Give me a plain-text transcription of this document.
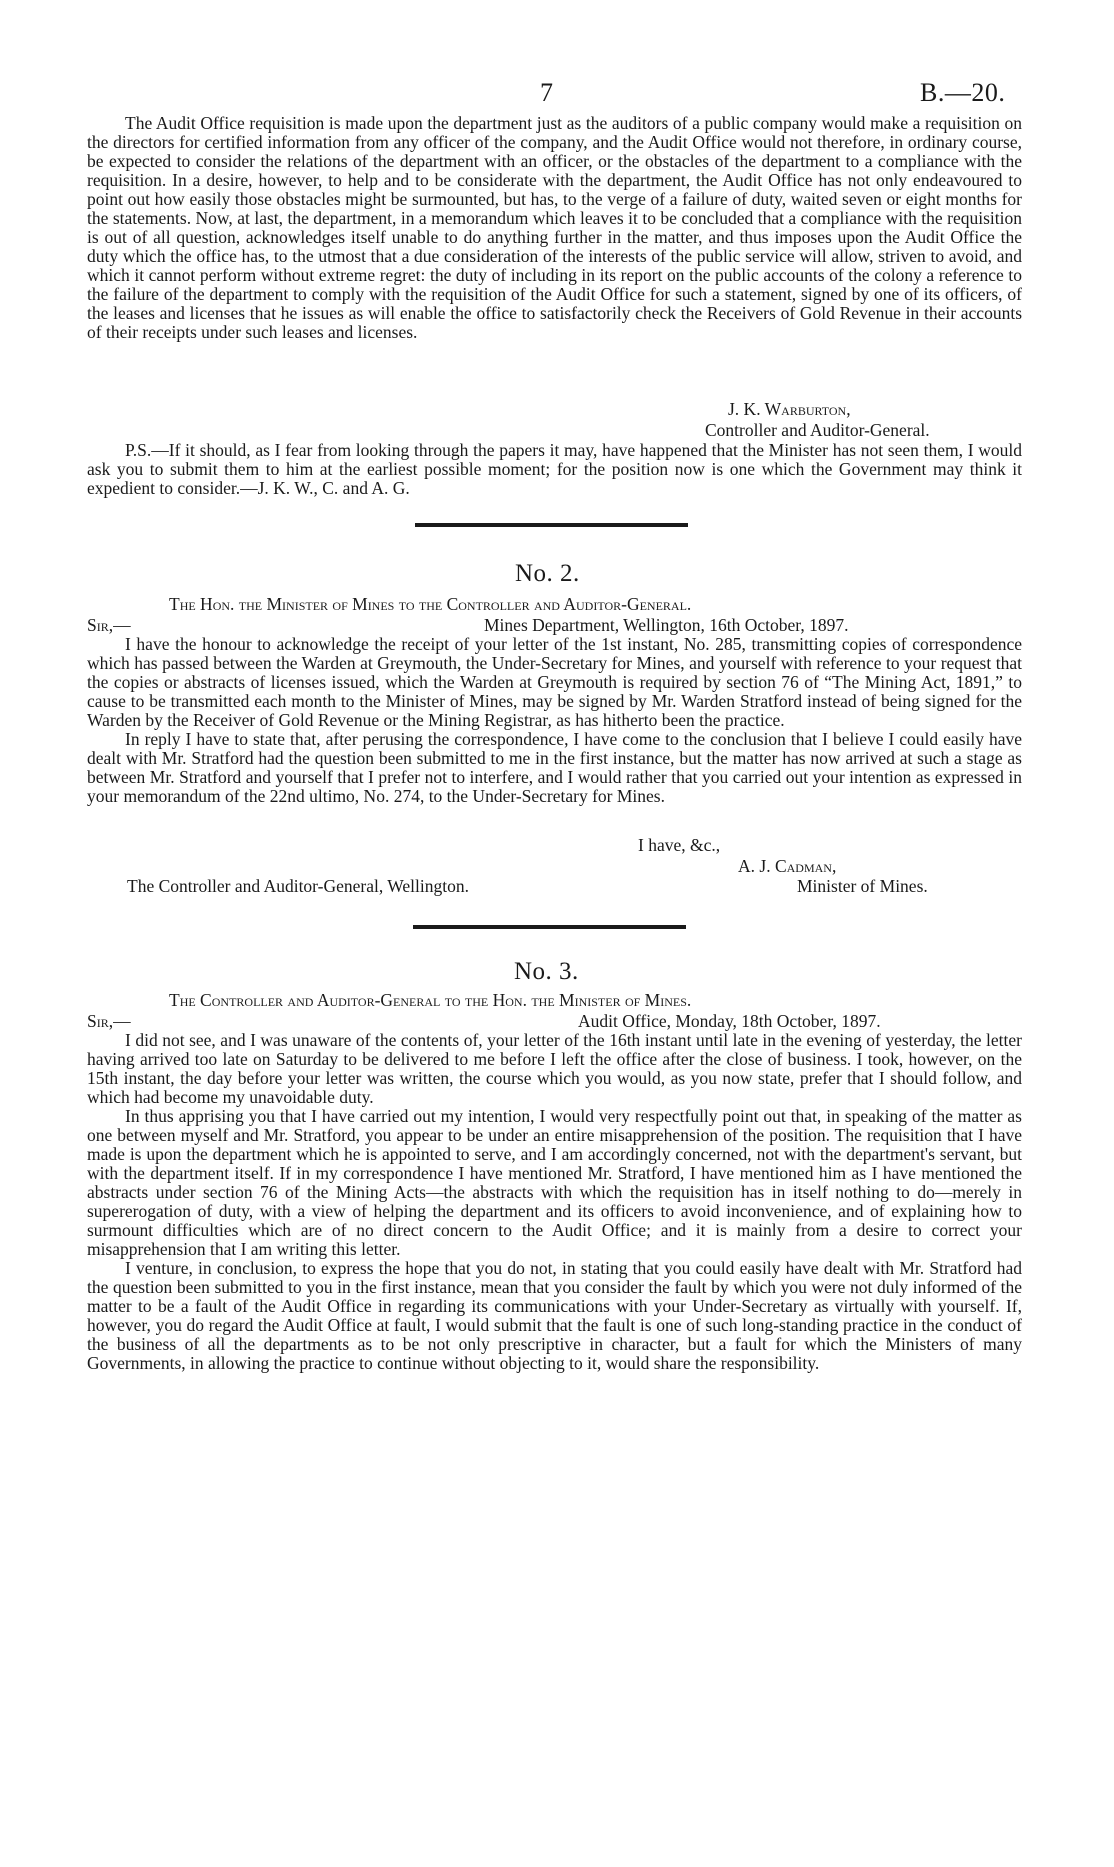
7	B.—20.

The Audit Office requisition is made upon the department just as the auditors of a public company would make a requisition on the directors for certified information from any officer of the company, and the Audit Office would not therefore, in ordinary course, be expected to consider the relations of the department with an officer, or the obstacles of the department to a compliance with the requisition. In a desire, however, to help and to be considerate with the department, the Audit Office has not only endeavoured to point out how easily those obstacles might be surmounted, but has, to the verge of a failure of duty, waited seven or eight months for the statements. Now, at last, the department, in a memorandum which leaves it to be concluded that a compliance with the requisition is out of all question, acknowledges itself unable to do anything further in the matter, and thus imposes upon the Audit Office the duty which the office has, to the utmost that a due consideration of the interests of the public service will allow, striven to avoid, and which it cannot perform without extreme regret: the duty of including in its report on the public accounts of the colony a reference to the failure of the department to comply with the requisition of the Audit Office for such a statement, signed by one of its officers, of the leases and licenses that he issues as will enable the office to satisfactorily check the Receivers of Gold Revenue in their accounts of their receipts under such leases and licenses.

J. K. Warburton,
Controller and Auditor-General.

P.S.—If it should, as I fear from looking through the papers it may, have happened that the Minister has not seen them, I would ask you to submit them to him at the earliest possible moment; for the position now is one which the Government may think it expedient to consider.—J. K. W., C. and A. G.

No. 2.
The Hon. the Minister of Mines to the Controller and Auditor-General.
Sir,—	Mines Department, Wellington, 16th October, 1897.

I have the honour to acknowledge the receipt of your letter of the 1st instant, No. 285, transmitting copies of correspondence which has passed between the Warden at Greymouth, the Under-Secretary for Mines, and yourself with reference to your request that the copies or abstracts of licenses issued, which the Warden at Greymouth is required by section 76 of “The Mining Act, 1891,” to cause to be transmitted each month to the Minister of Mines, may be signed by Mr. Warden Stratford instead of being signed for the Warden by the Receiver of Gold Revenue or the Mining Registrar, as has hitherto been the practice.

In reply I have to state that, after perusing the correspondence, I have come to the conclusion that I believe I could easily have dealt with Mr. Stratford had the question been submitted to me in the first instance, but the matter has now arrived at such a stage as between Mr. Stratford and yourself that I prefer not to interfere, and I would rather that you carried out your intention as expressed in your memorandum of the 22nd ultimo, No. 274, to the Under-Secretary for Mines.

I have, &c.,
A. J. Cadman,
The Controller and Auditor-General, Wellington.	Minister of Mines.
No. 3.
The Controller and Auditor-General to the Hon. the Minister of Mines.
Sir,—	Audit Office, Monday, 18th October, 1897.

I did not see, and I was unaware of the contents of, your letter of the 16th instant until late in the evening of yesterday, the letter having arrived too late on Saturday to be delivered to me before I left the office after the close of business. I took, however, on the 15th instant, the day before your letter was written, the course which you would, as you now state, prefer that I should follow, and which had become my unavoidable duty.

In thus apprising you that I have carried out my intention, I would very respectfully point out that, in speaking of the matter as one between myself and Mr. Stratford, you appear to be under an entire misapprehension of the position. The requisition that I have made is upon the department which he is appointed to serve, and I am accordingly concerned, not with the department's servant, but with the department itself. If in my correspondence I have mentioned Mr. Stratford, I have mentioned him as I have mentioned the abstracts under section 76 of the Mining Acts—the abstracts with which the requisition has in itself nothing to do—merely in supererogation of duty, with a view of helping the department and its officers to avoid inconvenience, and of explaining how to surmount difficulties which are of no direct concern to the Audit Office; and it is mainly from a desire to correct your misapprehension that I am writing this letter.

I venture, in conclusion, to express the hope that you do not, in stating that you could easily have dealt with Mr. Stratford had the question been submitted to you in the first instance, mean that you consider the fault by which you were not duly informed of the matter to be a fault of the Audit Office in regarding its communications with your Under-Secretary as virtually with yourself. If, however, you do regard the Audit Office at fault, I would submit that the fault is one of such long-standing practice in the conduct of the business of all the departments as to be not only prescriptive in character, but a fault for which the Ministers of many Governments, in allowing the practice to continue without objecting to it, would share the responsibility.
